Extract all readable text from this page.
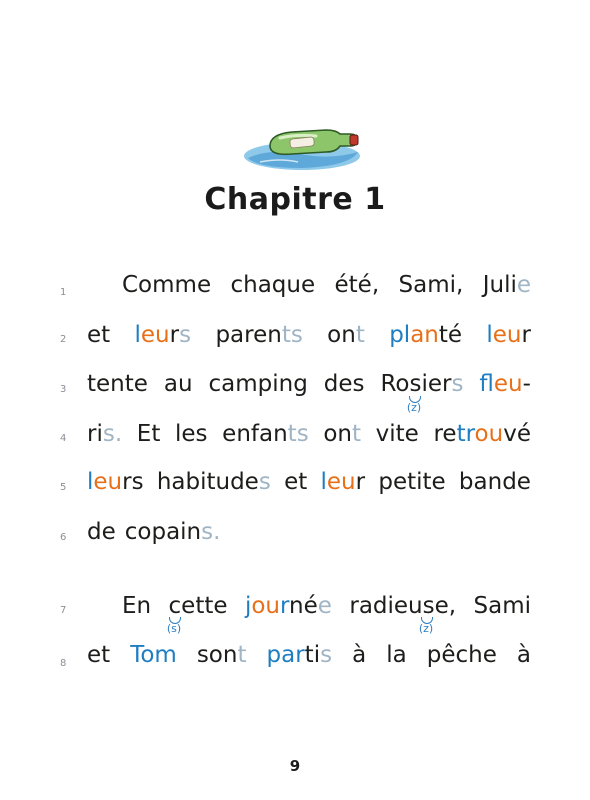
Chapitre 1
1
2
3
4
5
6
7
8
Comme chaque été, Sami, Julie
et leurs parents ont planté leur
tente au camping des Rosiers fleu-
ris. Et les enfants ont vite retrouvé
leurs habitudes et leur petite bande
de copains.
En cette journée radieuse, Sami
et Tom sont partis à la pêche à
(z)
(s)	(z)
9
